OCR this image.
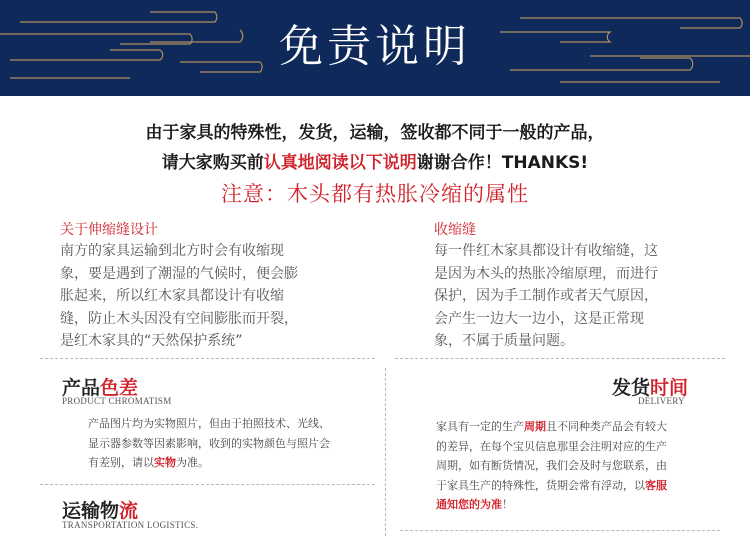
免责说明
由于家具的特殊性，发货，运输，签收都不同于一般的产品，
请大家购买前认真地阅读以下说明谢谢合作！THANKS!
注意：木头都有热胀冷缩的属性
关于伸缩缝设计
南方的家具运输到北方时会有收缩现
象，要是遇到了潮湿的气候时，便会膨
胀起来，所以红木家具都设计有收缩
缝，防止木头因没有空间膨胀而开裂，
是红木家具的“天然保护系统”
收缩缝
每一件红木家具都设计有收缩缝，这
是因为木头的热胀冷缩原理，而进行
保护，因为手工制作或者天气原因，
会产生一边大一边小，这是正常现
象，不属于质量问题。
产品色差
PRODUCT CHROMATISM
产品图片均为实物照片，但由于拍照技术、光线、
显示器参数等因素影响，收到的实物颜色与照片会
有差别，请以实物为准。
发货时间
DELIVERY
家具有一定的生产周期且不同种类产品会有较大
的差异，在每个宝贝信息那里会注明对应的生产
周期，如有断货情况，我们会及时与您联系，由
于家具生产的特殊性，货期会常有浮动，以客服
通知您的为准！
运输物流
TRANSPORTATION LOGISTICS.
